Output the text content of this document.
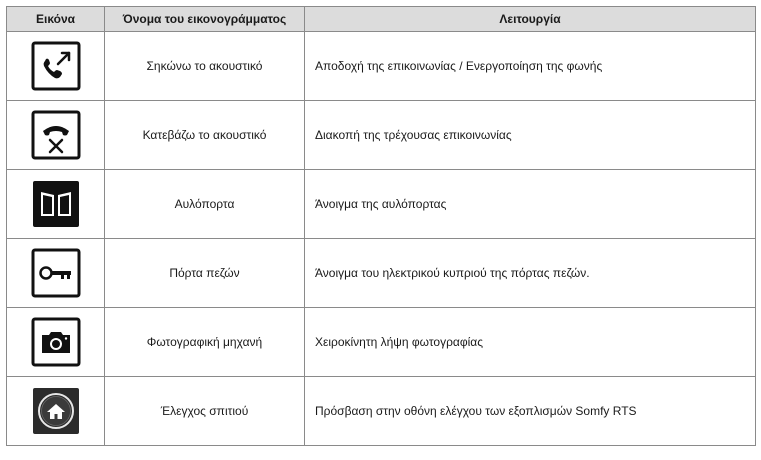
Εικόνα	Όνομα του εικονογράμματος	Λειτουργία

	Σηκώνω το ακουστικό	Αποδοχή της επικοινωνίας / Ενεργοποίηση της φωνής

	Κατεβάζω το ακουστικό	Διακοπή της τρέχουσας επικοινωνίας

	Αυλόπορτα	Άνοιγμα της αυλόπορτας

	Πόρτα πεζών	Άνοιγμα του ηλεκτρικού κυπριού της πόρτας πεζών.

	Φωτογραφική μηχανή	Χειροκίνητη λήψη φωτογραφίας

	Έλεγχος σπιτιού	Πρόσβαση στην οθόνη ελέγχου των εξοπλισμών Somfy RTS
